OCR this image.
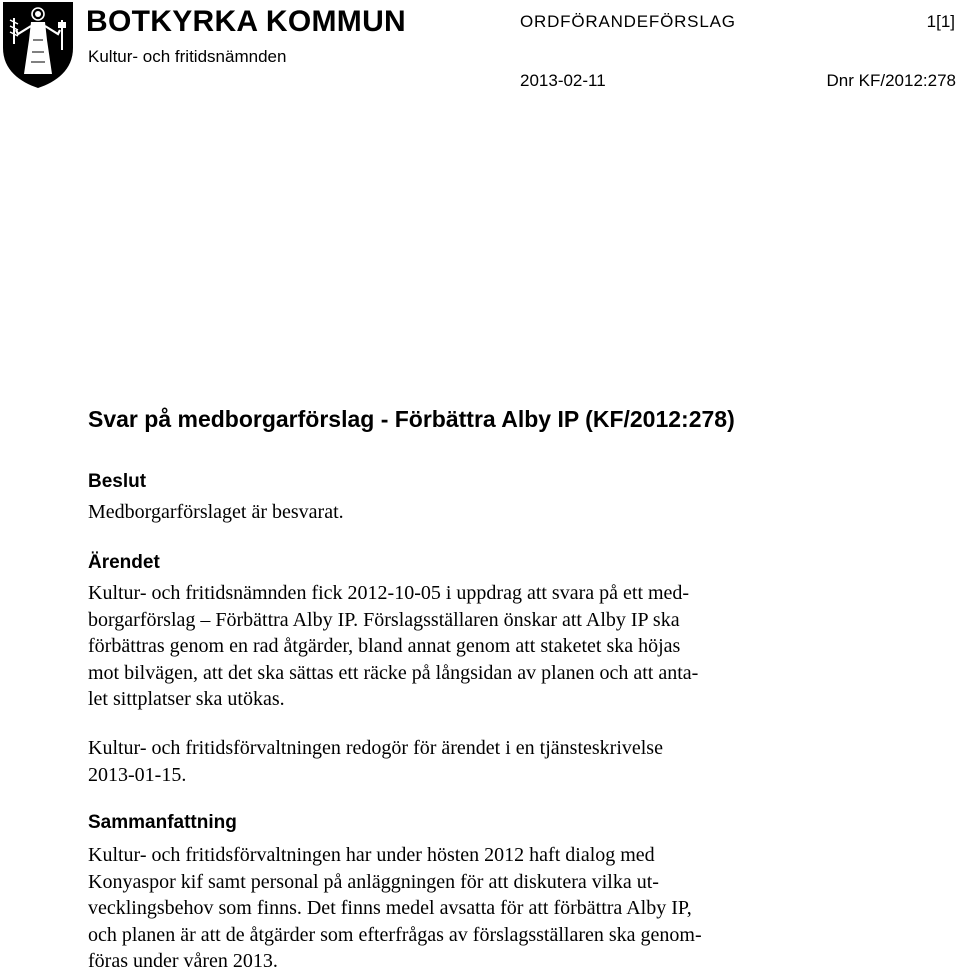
BOTKYRKA KOMMUN
Kultur- och fritidsnämnden
ORDFÖRANDEFÖRSLAG	1[1]
2013-02-11	Dnr KF/2012:278
Svar på medborgarförslag - Förbättra Alby IP (KF/2012:278)
Beslut
Medborgarförslaget är besvarat.
Ärendet
Kultur- och fritidsnämnden fick 2012-10-05 i uppdrag att svara på ett med-
borgarförslag – Förbättra Alby IP. Förslagsställaren önskar att Alby IP ska
förbättras genom en rad åtgärder, bland annat genom att staketet ska höjas
mot bilvägen, att det ska sättas ett räcke på långsidan av planen och att anta-
let sittplatser ska utökas.
Kultur- och fritidsförvaltningen redogör för ärendet i en tjänsteskrivelse
2013-01-15.
Sammanfattning
Kultur- och fritidsförvaltningen har under hösten 2012 haft dialog med
Konyaspor kif samt personal på anläggningen för att diskutera vilka ut-
vecklingsbehov som finns. Det finns medel avsatta för att förbättra Alby IP,
och planen är att de åtgärder som efterfrågas av förslagsställaren ska genom-
föras under våren 2013.
